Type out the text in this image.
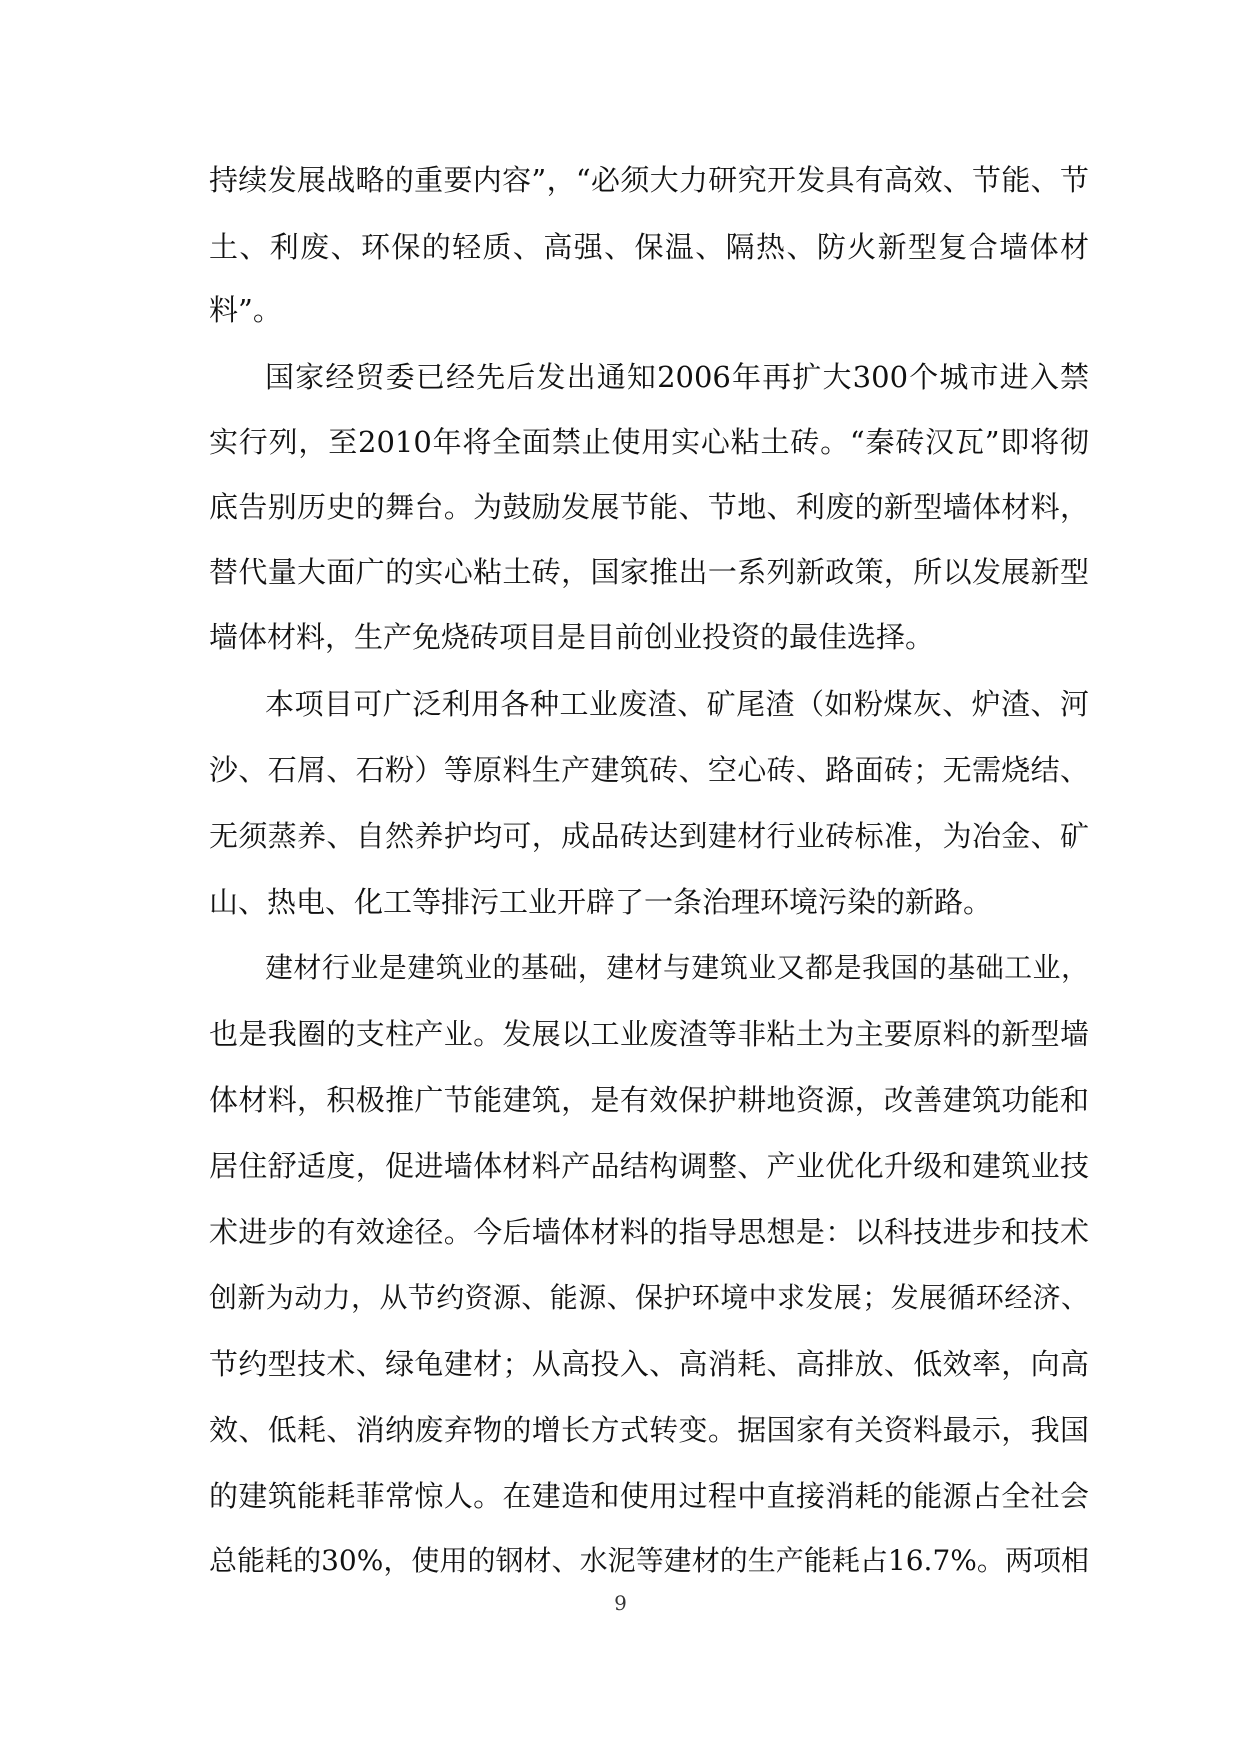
持续发展战略的重要内容”，“必须大力研究开发具有高效、节能、节
土、利废、环保的轻质、高强、保温、隔热、防火新型复合墙体材
料”。
国家经贸委已经先后发出通知2006年再扩大300个城市进入禁
实行列，至2010年将全面禁止使用实心粘土砖。“秦砖汉瓦”即将彻
底告别历史的舞台。为鼓励发展节能、节地、利废的新型墙体材料，
替代量大面广的实心粘土砖，国家推出一系列新政策，所以发展新型
墙体材料，生产免烧砖项目是目前创业投资的最佳选择。
本项目可广泛利用各种工业废渣、矿尾渣（如粉煤灰、炉渣、河
沙、石屑、石粉）等原料生产建筑砖、空心砖、路面砖；无需烧结、
无须蒸养、自然养护均可，成品砖达到建材行业砖标准，为冶金、矿
山、热电、化工等排污工业开辟了一条治理环境污染的新路。
建材行业是建筑业的基础，建材与建筑业又都是我国的基础工业，
也是我圈的支柱产业。发展以工业废渣等非粘土为主要原料的新型墙
体材料，积极推广节能建筑，是有效保护耕地资源，改善建筑功能和
居住舒适度，促进墙体材料产品结构调整、产业优化升级和建筑业技
术进步的有效途径。今后墙体材料的指导思想是：以科技进步和技术
创新为动力，从节约资源、能源、保护环境中求发展；发展循环经济、
节约型技术、绿龟建材；从高投入、高消耗、高排放、低效率，向高
效、低耗、消纳废弃物的增长方式转变。据国家有关资料最示，我国
的建筑能耗菲常惊人。在建造和使用过程中直接消耗的能源占全社会
总能耗的30%，使用的钢材、水泥等建材的生产能耗占16.7%。两项相
9
